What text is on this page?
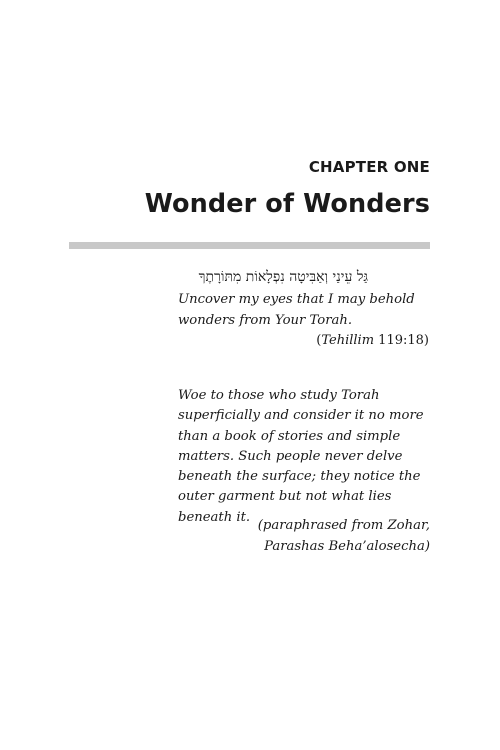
CHAPTER ONE
Wonder of Wonders

גַּל עֵינַי וְאַבִּיטָה נִפְלָאוֹת מִתּוֹרָתֶךָ

Uncover my eyes that I may behold
wonders from Your Torah.

(Tehillim 119:18)

Woe to those who study Torah
superficially and consider it no more
than a book of stories and simple
matters. Such people never delve
beneath the surface; they notice the
outer garment but not what lies
beneath it.

(paraphrased from Zohar,
Parashas Beha’alosecha)
